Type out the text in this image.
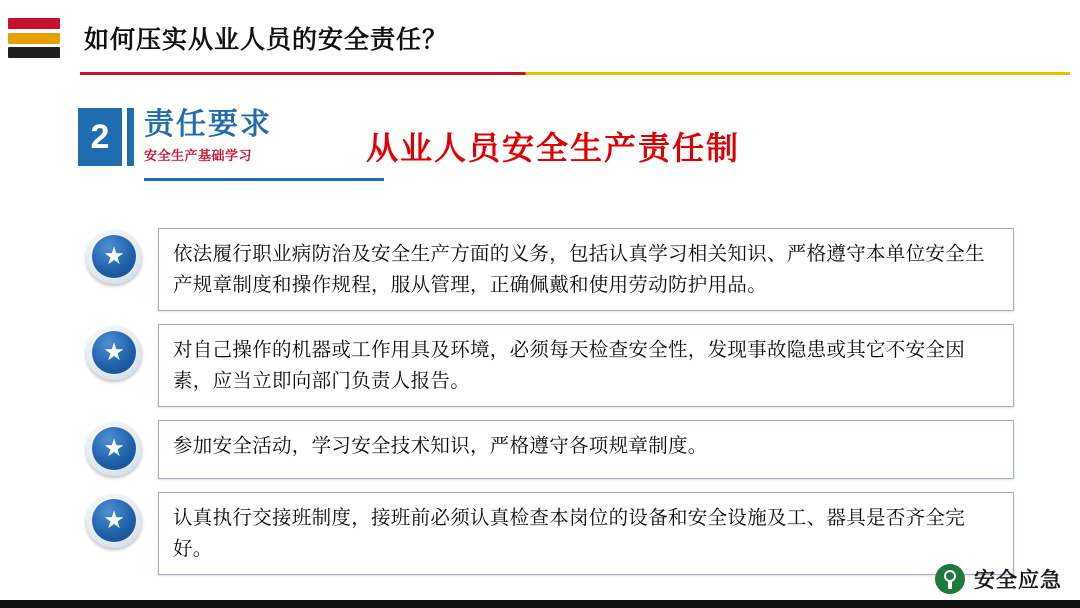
如何压实从业人员的安全责任？
2	责任要求
安全生产基础学习	从业人员安全生产责任制
★	依法履行职业病防治及安全生产方面的义务，包括认真学习相关知识、严格遵守本单位安全生产规章制度和操作规程，服从管理，正确佩戴和使用劳动防护用品。
★	对自己操作的机器或工作用具及环境，必须每天检查安全性，发现事故隐患或其它不安全因素，应当立即向部门负责人报告。
★	参加安全活动，学习安全技术知识，严格遵守各项规章制度。
★	认真执行交接班制度，接班前必须认真检查本岗位的设备和安全设施及工、器具是否齐全完好。
安全应急
